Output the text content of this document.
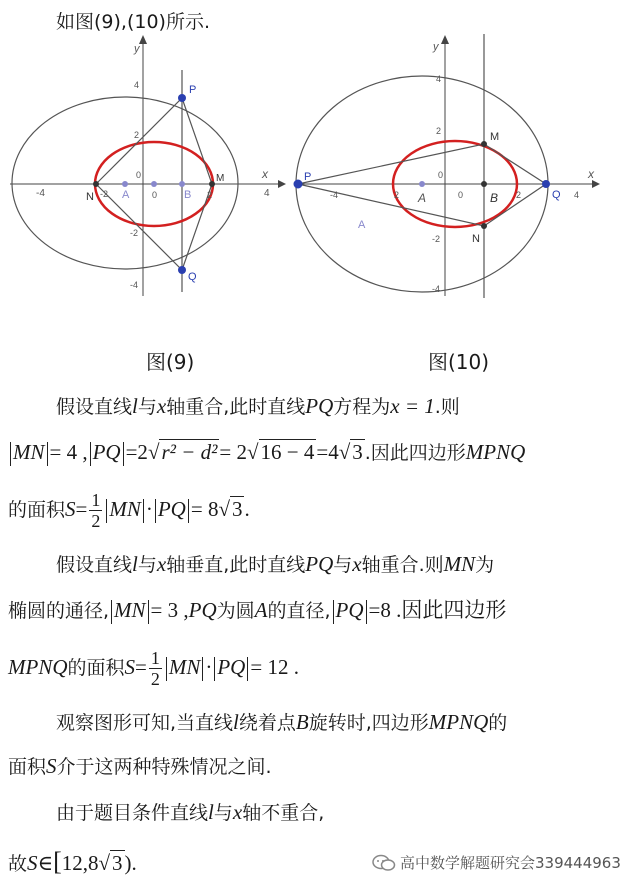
如图(9),(10)所示.
y
x
P
Q
N
M
A	B
-4	-2	0	2	4
0
4
2
-2
-4
y
x
P
Q
M
N
B
A
A
-4	2	0	2	4
0
4
2
-2
-4
图(9)	图(10)
假设直线l与x轴重合,此时直线PQ方程为x = 1.则
MN = 4 , PQ =2√r² − d²= 2√16 − 4=4√3 .因此四边形MPNQ
的面积$S= \frac{1}{2}$ MN · PQ = 8√3.
假设直线l与x轴垂直,此时直线PQ与x轴重合.则MN为
椭圆的通径, MN = 3 ,PQ为圆A的直径, PQ =8 .因此四边形
MPNQ的面积$S= \frac{1}{2}$ MN · PQ = 12 .
观察图形可知,当直线l绕着点B旋转时,四边形MPNQ的
面积S介于这两种特殊情况之间.
由于题目条件直线l与x轴不重合,
故S∈[12,8√3).	高中数学解题研究会339444963
